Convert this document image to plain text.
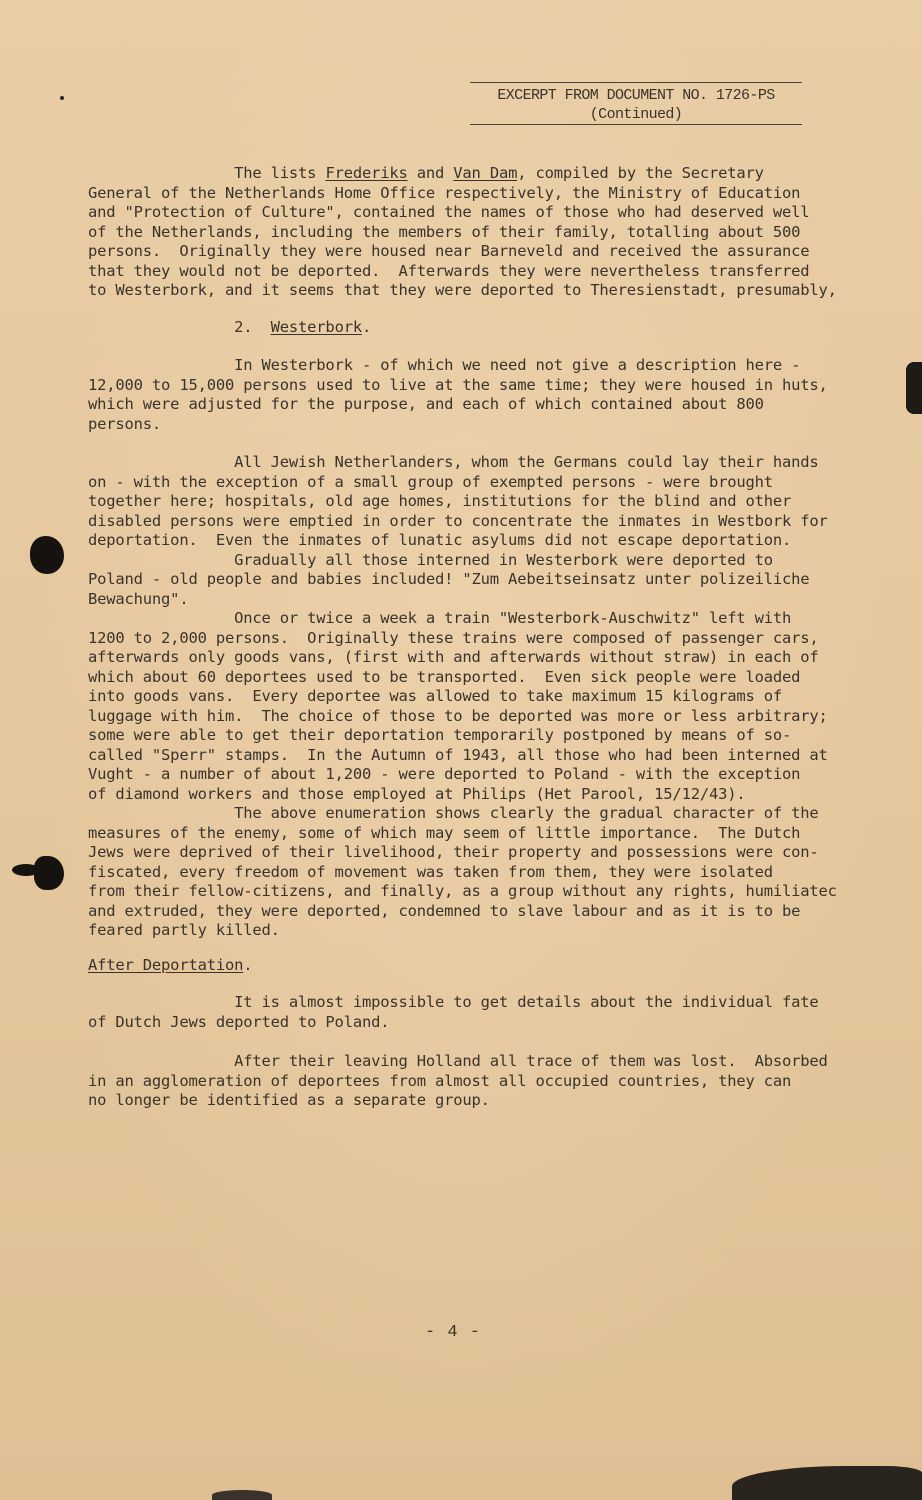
EXCERPT FROM DOCUMENT NO. 1726-PS
(Continued)
The lists Frederiks and Van Dam, compiled by the Secretary
General of the Netherlands Home Office respectively, the Ministry of Education
and "Protection of Culture", contained the names of those who had deserved well
of the Netherlands, including the members of their family, totalling about 500
persons.  Originally they were housed near Barneveld and received the assurance
that they would not be deported.  Afterwards they were nevertheless transferred
to Westerbork, and it seems that they were deported to Theresienstadt, presumably,
2.  Westerbork.
In Westerbork - of which we need not give a description here -
12,000 to 15,000 persons used to live at the same time; they were housed in huts,
which were adjusted for the purpose, and each of which contained about 800
persons.
All Jewish Netherlanders, whom the Germans could lay their hands
on - with the exception of a small group of exempted persons - were brought
together here; hospitals, old age homes, institutions for the blind and other
disabled persons were emptied in order to concentrate the inmates in Westbork for
deportation.  Even the inmates of lunatic asylums did not escape deportation.
Gradually all those interned in Westerbork were deported to
Poland - old people and babies included! "Zum Aebeitseinsatz unter polizeiliche
Bewachung".
Once or twice a week a train "Westerbork-Auschwitz" left with
1200 to 2,000 persons.  Originally these trains were composed of passenger cars,
afterwards only goods vans, (first with and afterwards without straw) in each of
which about 60 deportees used to be transported.  Even sick people were loaded
into goods vans.  Every deportee was allowed to take maximum 15 kilograms of
luggage with him.  The choice of those to be deported was more or less arbitrary;
some were able to get their deportation temporarily postponed by means of so-
called "Sperr" stamps.  In the Autumn of 1943, all those who had been interned at
Vught - a number of about 1,200 - were deported to Poland - with the exception
of diamond workers and those employed at Philips (Het Parool, 15/12/43).
The above enumeration shows clearly the gradual character of the
measures of the enemy, some of which may seem of little importance.  The Dutch
Jews were deprived of their livelihood, their property and possessions were con-
fiscated, every freedom of movement was taken from them, they were isolated
from their fellow-citizens, and finally, as a group without any rights, humiliatec
and extruded, they were deported, condemned to slave labour and as it is to be
feared partly killed.
After Deportation.
It is almost impossible to get details about the individual fate
of Dutch Jews deported to Poland.
After their leaving Holland all trace of them was lost.  Absorbed
in an agglomeration of deportees from almost all occupied countries, they can
no longer be identified as a separate group.
- 4 -
